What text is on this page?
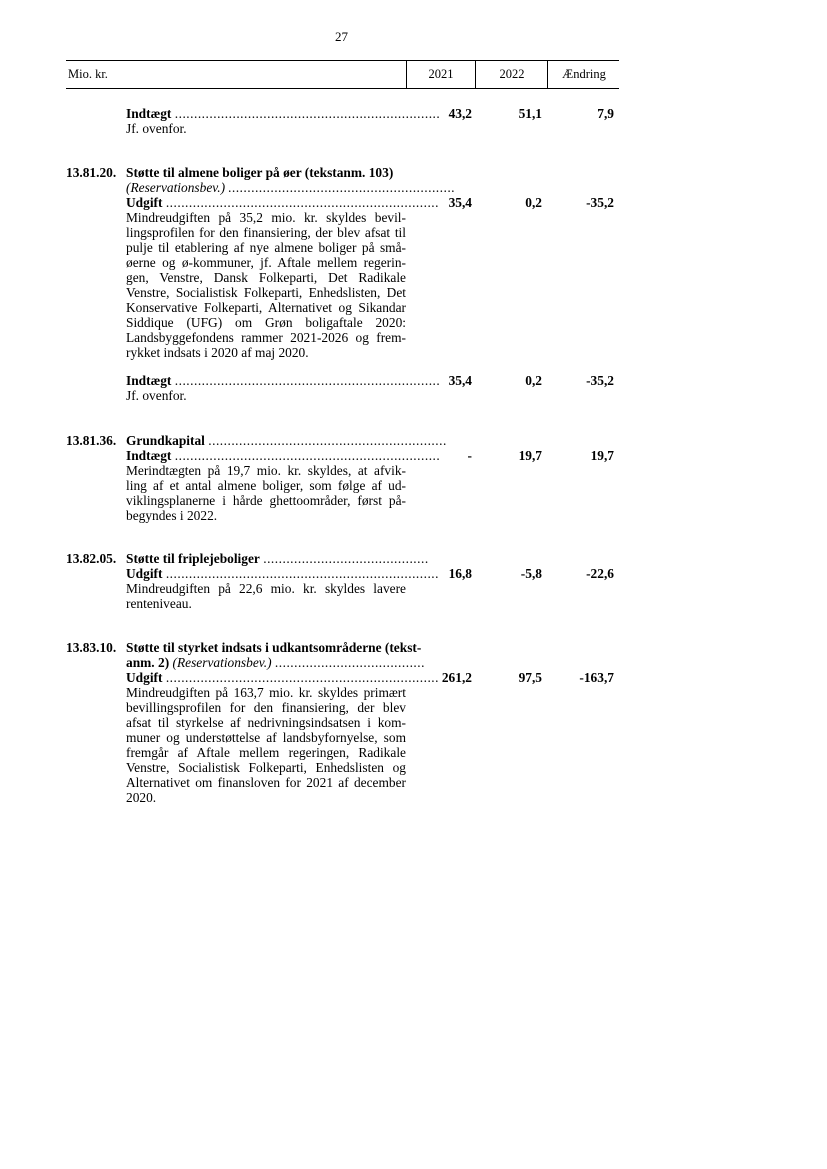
27
Mio. kr.	2021	2022	Ændring
Indtægt ..................................................................... 43,2	51,1	7,9
Jf. ovenfor.
13.81.20. Støtte til almene boliger på øer (tekstanm. 103)
(Reservationsbev.) ...........................................................
Udgift ....................................................................... 35,4	0,2	-35,2
Mindreudgiften på 35,2 mio. kr. skyldes bevil-
lingsprofilen for den finansiering, der blev afsat til
pulje til etablering af nye almene boliger på små-
øerne og ø-kommuner, jf. Aftale mellem regerin-
gen, Venstre, Dansk Folkeparti, Det Radikale
Venstre, Socialistisk Folkeparti, Enhedslisten, Det
Konservative Folkeparti, Alternativet og Sikandar
Siddique (UFG) om Grøn boligaftale 2020:
Landsbyggefondens rammer 2021-2026 og frem-
rykket indsats i 2020 af maj 2020.
Indtægt ..................................................................... 35,4	0,2	-35,2
Jf. ovenfor.
13.81.36. Grundkapital ..............................................................
Indtægt .....................................................................	-	19,7	19,7
Merindtægten på 19,7 mio. kr. skyldes, at afvik-
ling af et antal almene boliger, som følge af ud-
viklingsplanerne i hårde ghettoområder, først på-
begyndes i 2022.
13.82.05. Støtte til friplejeboliger ...........................................
Udgift ....................................................................... 16,8	-5,8	-22,6
Mindreudgiften på 22,6 mio. kr. skyldes lavere
renteniveau.
13.83.10. Støtte til styrket indsats i udkantsområderne (tekst-
anm. 2) (Reservationsbev.) .......................................
Udgift ....................................................................... 261,2	97,5	-163,7
Mindreudgiften på 163,7 mio. kr. skyldes primært
bevillingsprofilen for den finansiering, der blev
afsat til styrkelse af nedrivningsindsatsen i kom-
muner og understøttelse af landsbyfornyelse, som
fremgår af Aftale mellem regeringen, Radikale
Venstre, Socialistisk Folkeparti, Enhedslisten og
Alternativet om finansloven for 2021 af december
2020.
